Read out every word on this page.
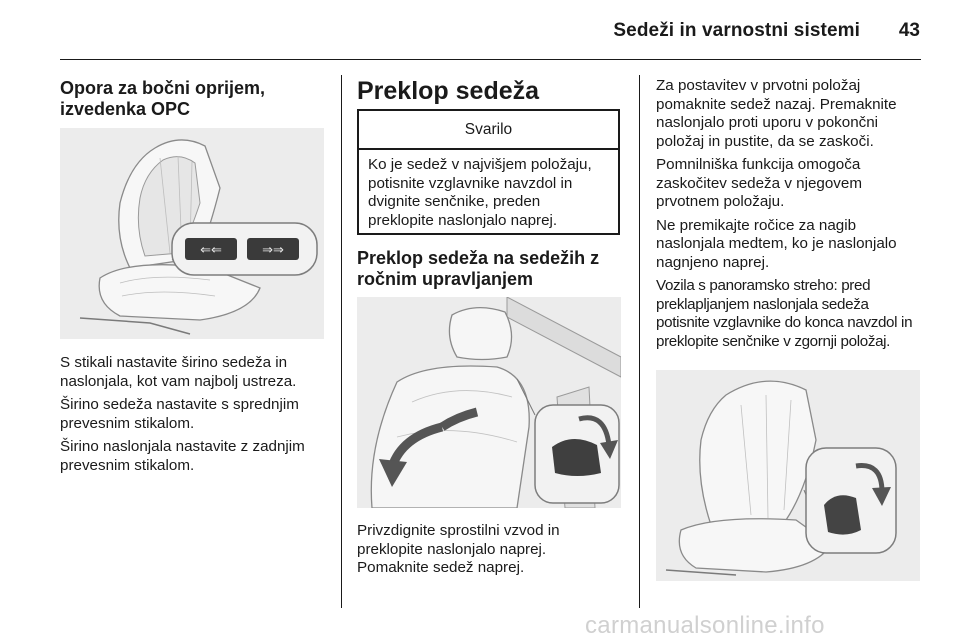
Sedeži in varnostni sistemi	43
Opora za bočni oprijem, izvedenka OPC
⇐⇐	⇒⇒

S stikali nastavite širino sedeža in naslonjala, kot vam najbolj ustreza.

Širino sedeža nastavite s sprednjim prevesnim stikalom.

Širino naslonjala nastavite z zadnjim prevesnim stikalom.

Preklop sedeža
Svarilo
Ko je sedež v najvišjem položaju, potisnite vzglavnike navzdol in dvignite senčnike, preden preklopite naslonjalo naprej.
Preklop sedeža na sedežih z ročnim upravljanjem

Privzdignite sprostilni vzvod in

preklopite naslonjalo naprej.

Pomaknite sedež naprej.

Za postavitev v prvotni položaj pomaknite sedež nazaj. Premaknite naslonjalo proti uporu v pokončni položaj in pustite, da se zaskoči.

Pomnilniška funkcija omogoča zaskočitev sedeža v njegovem prvotnem položaju.

Ne premikajte ročice za nagib naslonjala medtem, ko je naslonjalo nagnjeno naprej.

Vozila s panoramsko streho: pred preklapljanjem naslonjala sedeža potisnite vzglavnike do konca navzdol in preklopite senčnike v zgornji položaj.

carmanualsonline.info
